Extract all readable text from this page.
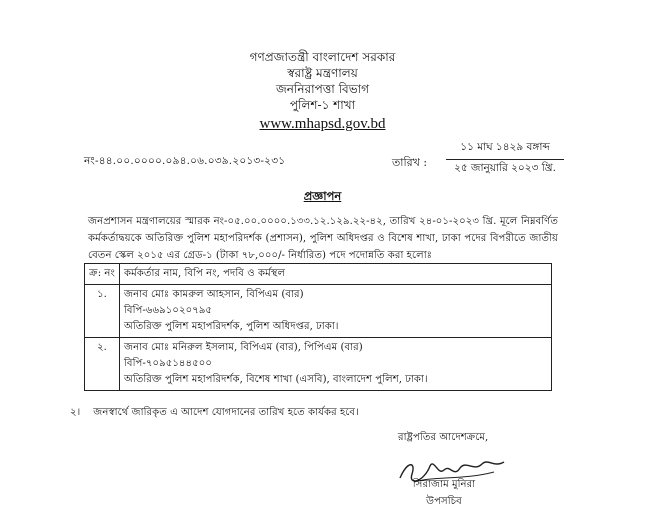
গণপ্রজাতন্ত্রী বাংলাদেশ সরকার
স্বরাষ্ট্র মন্ত্রণালয়
জননিরাপত্তা বিভাগ
পুলিশ-১ শাখা
www.mhapsd.gov.bd
নং-৪৪.০০.০০০০.০৯৪.০৬.০৩৯.২০১৩-২৩১	তারিখ :
১১ মাঘ ১৪২৯ বঙ্গাব্দ
২৫ জানুয়ারি ২০২৩ খ্রি.
প্রজ্ঞাপন
জনপ্রশাসন মন্ত্রণালয়ের স্মারক নং-০৫.০০.০০০০.১৩৩.১২.১২৯.২২-৪২, তারিখ ২৪-০১-২০২৩ খ্রি. মূলে নিম্নবর্ণিত কর্মকর্তাদ্বয়কে অতিরিক্ত পুলিশ মহাপরিদর্শক (প্রশাসন), পুলিশ অধিদপ্তর ও বিশেষ শাখা, ঢাকা পদের বিপরীতে জাতীয় বেতন স্কেল ২০১৫ এর গ্রেড-১ (টাকা ৭৮,০০০/- নির্ধারিত) পদে পদোন্নতি করা হলোঃ
ক্র: নং	কর্মকর্তার নাম, বিপি নং, পদবি ও কর্মস্থল
১.	জনাব মোঃ কামরুল আহসান, বিপিএম (বার)
বিপি-৬৬৯১০২০৭৯৫
অতিরিক্ত পুলিশ মহাপরিদর্শক, পুলিশ অধিদপ্তর, ঢাকা।

২.	জনাব মোঃ মনিরুল ইসলাম, বিপিএম (বার), পিপিএম (বার)
বিপি-৭০৯৫১৪৪৫০০
অতিরিক্ত পুলিশ মহাপরিদর্শক, বিশেষ শাখা (এসবি), বাংলাদেশ পুলিশ, ঢাকা।
২। জনস্বার্থে জারিকৃত এ আদেশ যোগদানের তারিখ হতে কার্যকর হবে।
রাষ্ট্রপতির আদেশক্রমে,
সিরাজাম মুনিরা
উপসচিব
